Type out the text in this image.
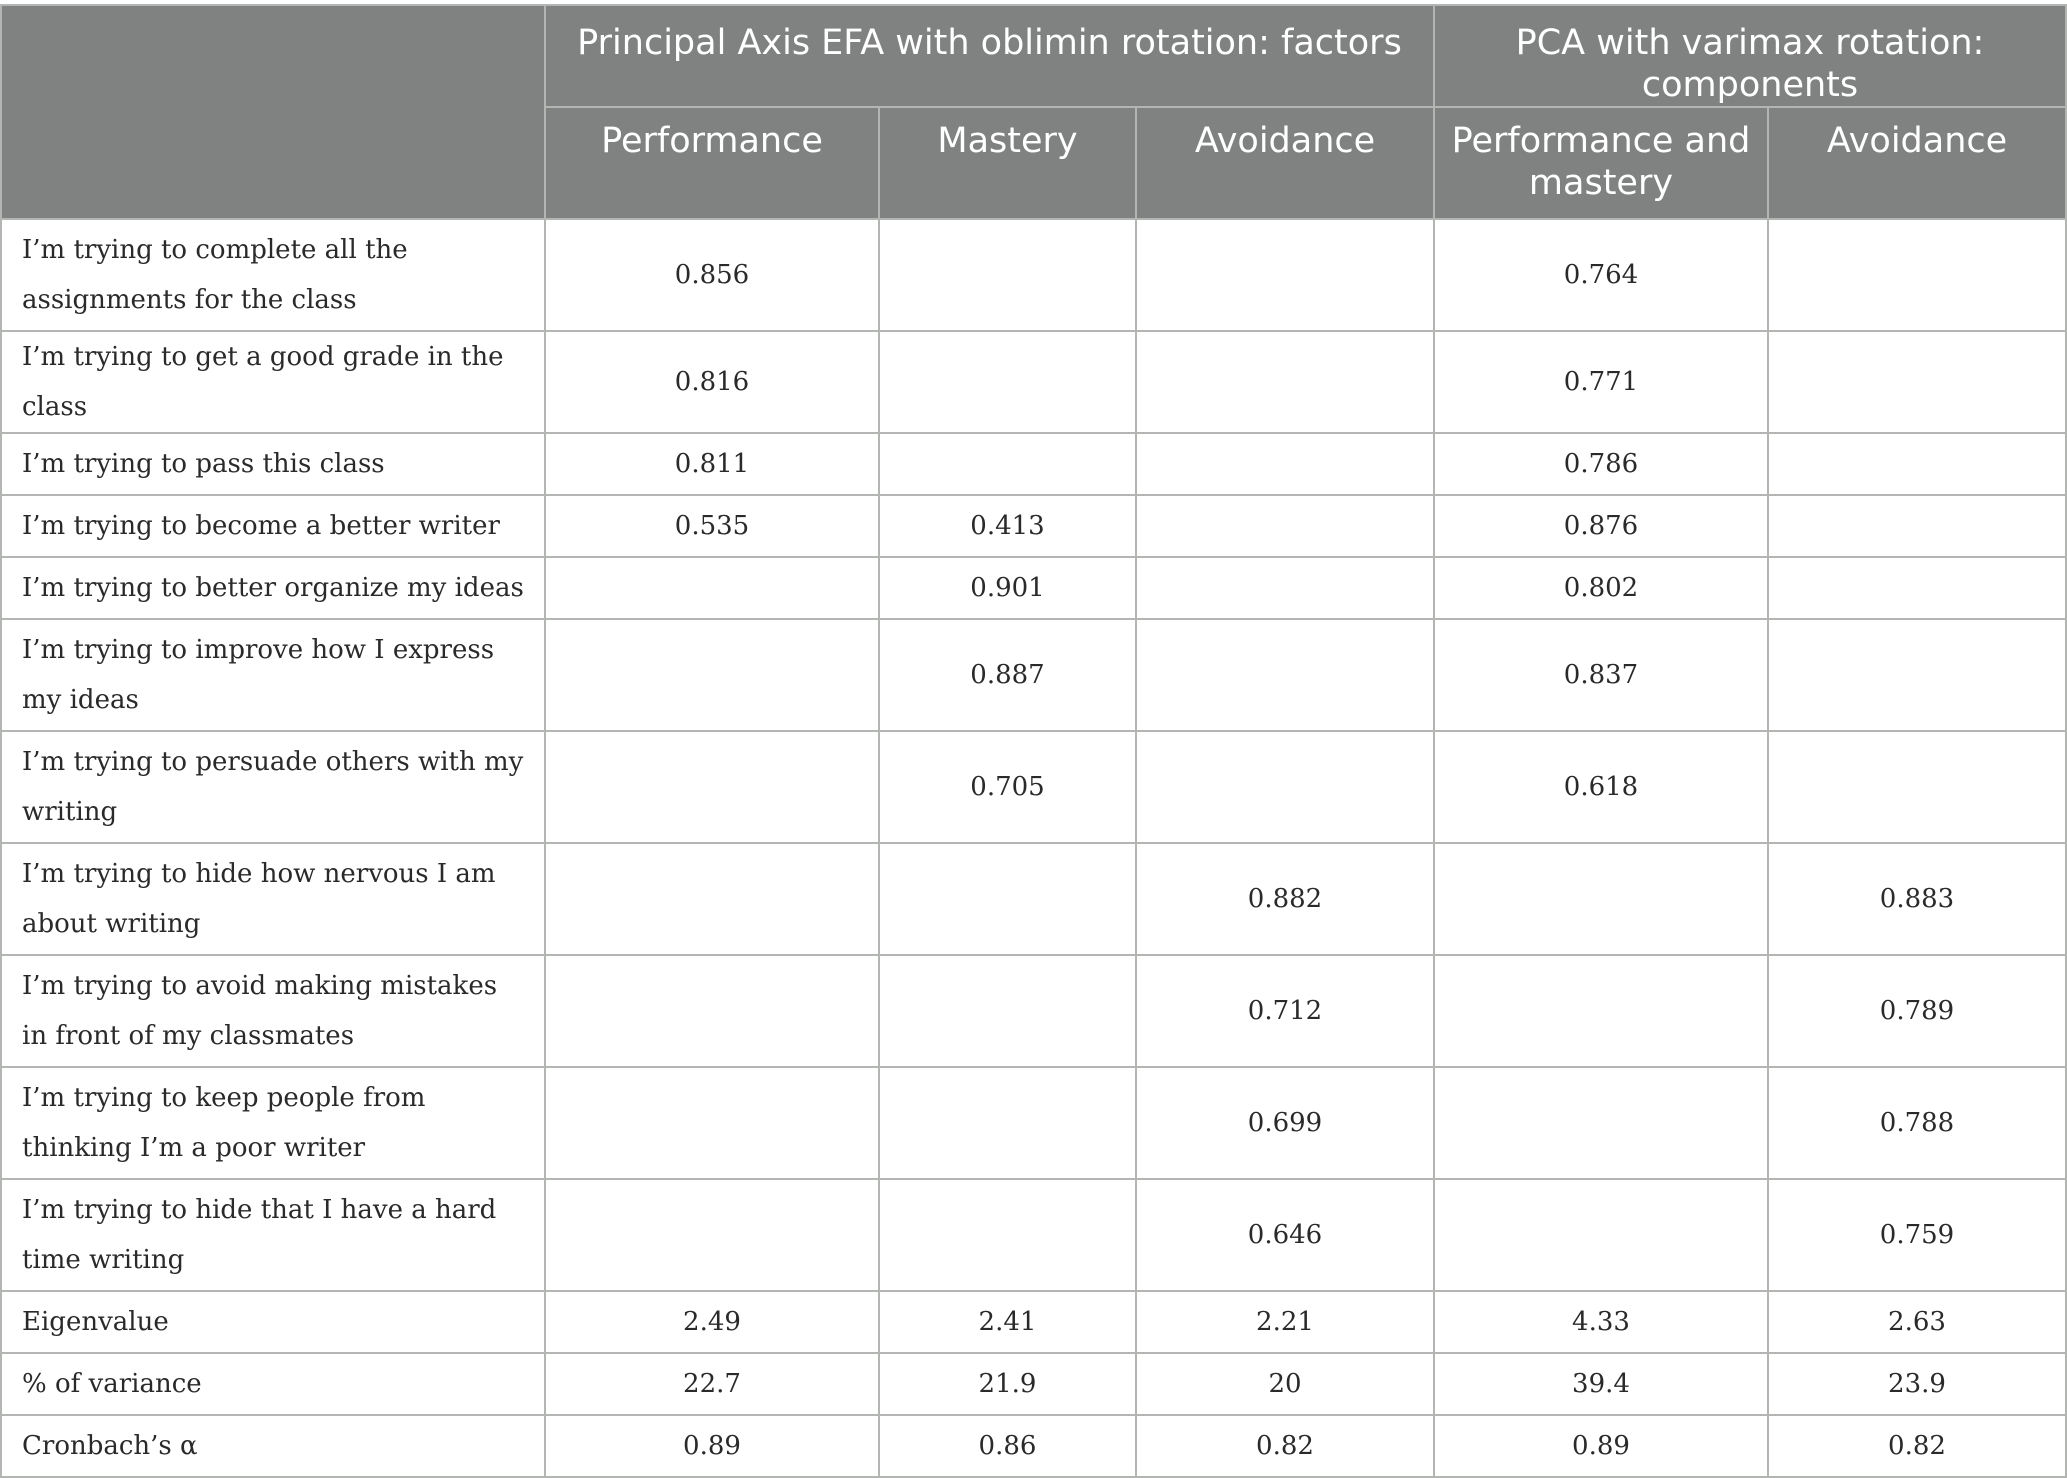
	Principal Axis EFA with oblimin rotation: factors			PCA with varimax rotation: components	
	Performance	Mastery	Avoidance	Performance and mastery	Avoidance
I’m trying to complete all the assignments for the class	0.856			0.764	
I’m trying to get a good grade in the class	0.816			0.771	
I’m trying to pass this class	0.811			0.786	
I’m trying to become a better writer	0.535	0.413		0.876	
I’m trying to better organize my ideas		0.901		0.802	
I’m trying to improve how I express my ideas		0.887		0.837	
I’m trying to persuade others with my writing		0.705		0.618	
I’m trying to hide how nervous I am about writing			0.882		0.883
I’m trying to avoid making mistakes in front of my classmates			0.712		0.789
I’m trying to keep people from thinking I’m a poor writer			0.699		0.788
I’m trying to hide that I have a hard time writing			0.646		0.759
Eigenvalue	2.49	2.41	2.21	4.33	2.63
% of variance	22.7	21.9	20	39.4	23.9
Cronbach’s α	0.89	0.86	0.82	0.89	0.82
